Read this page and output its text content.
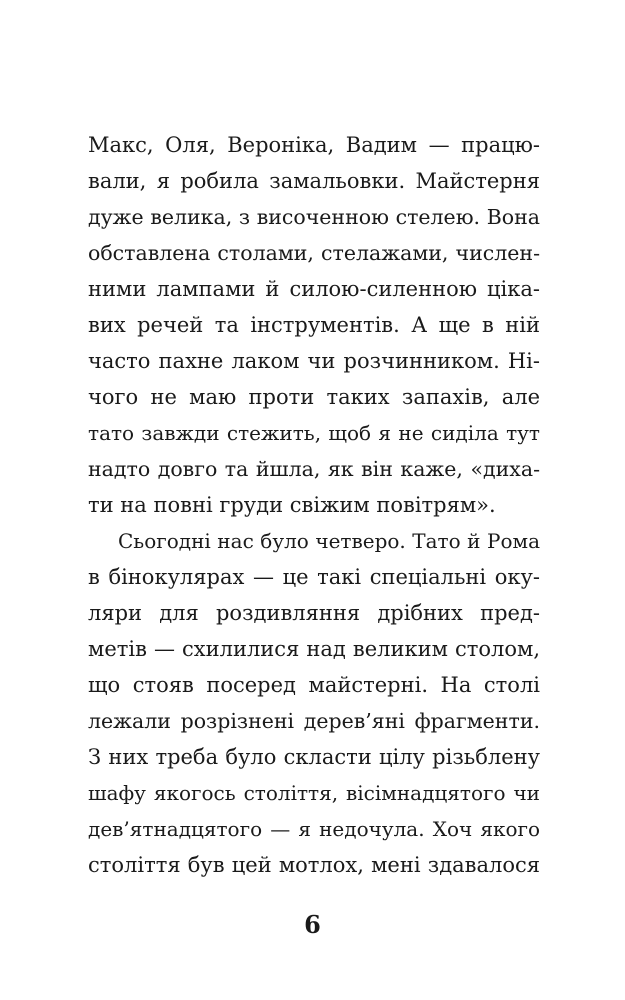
Макс, Оля, Вероніка, Вадим — працю-
вали, я робила замальовки. Майстерня
дуже велика, з височенною стелею. Вона
обставлена столами, стелажами, числен-
ними лампами й силою-силенною ціка-
вих речей та інструментів. А ще в ній
часто пахне лаком чи розчинником. Ні-
чого не маю проти таких запахів, але
тато завжди стежить, щоб я не сиділа тут
надто довго та йшла, як він каже, «диха-
ти на повні груди свіжим повітрям».
Сьогодні нас було четверо. Тато й Рома
в бінокулярах — це такі спеціальні оку-
ляри для роздивляння дрібних пред-
метів — схилилися над великим столом,
що стояв посеред майстерні. На столі
лежали розрізнені дерев’яні фрагменти.
З них треба було скласти цілу різьблену
шафу якогось століття, вісімнадцятого чи
дев’ятнадцятого — я недочула. Хоч якого
століття був цей мотлох, мені здавалося
6
